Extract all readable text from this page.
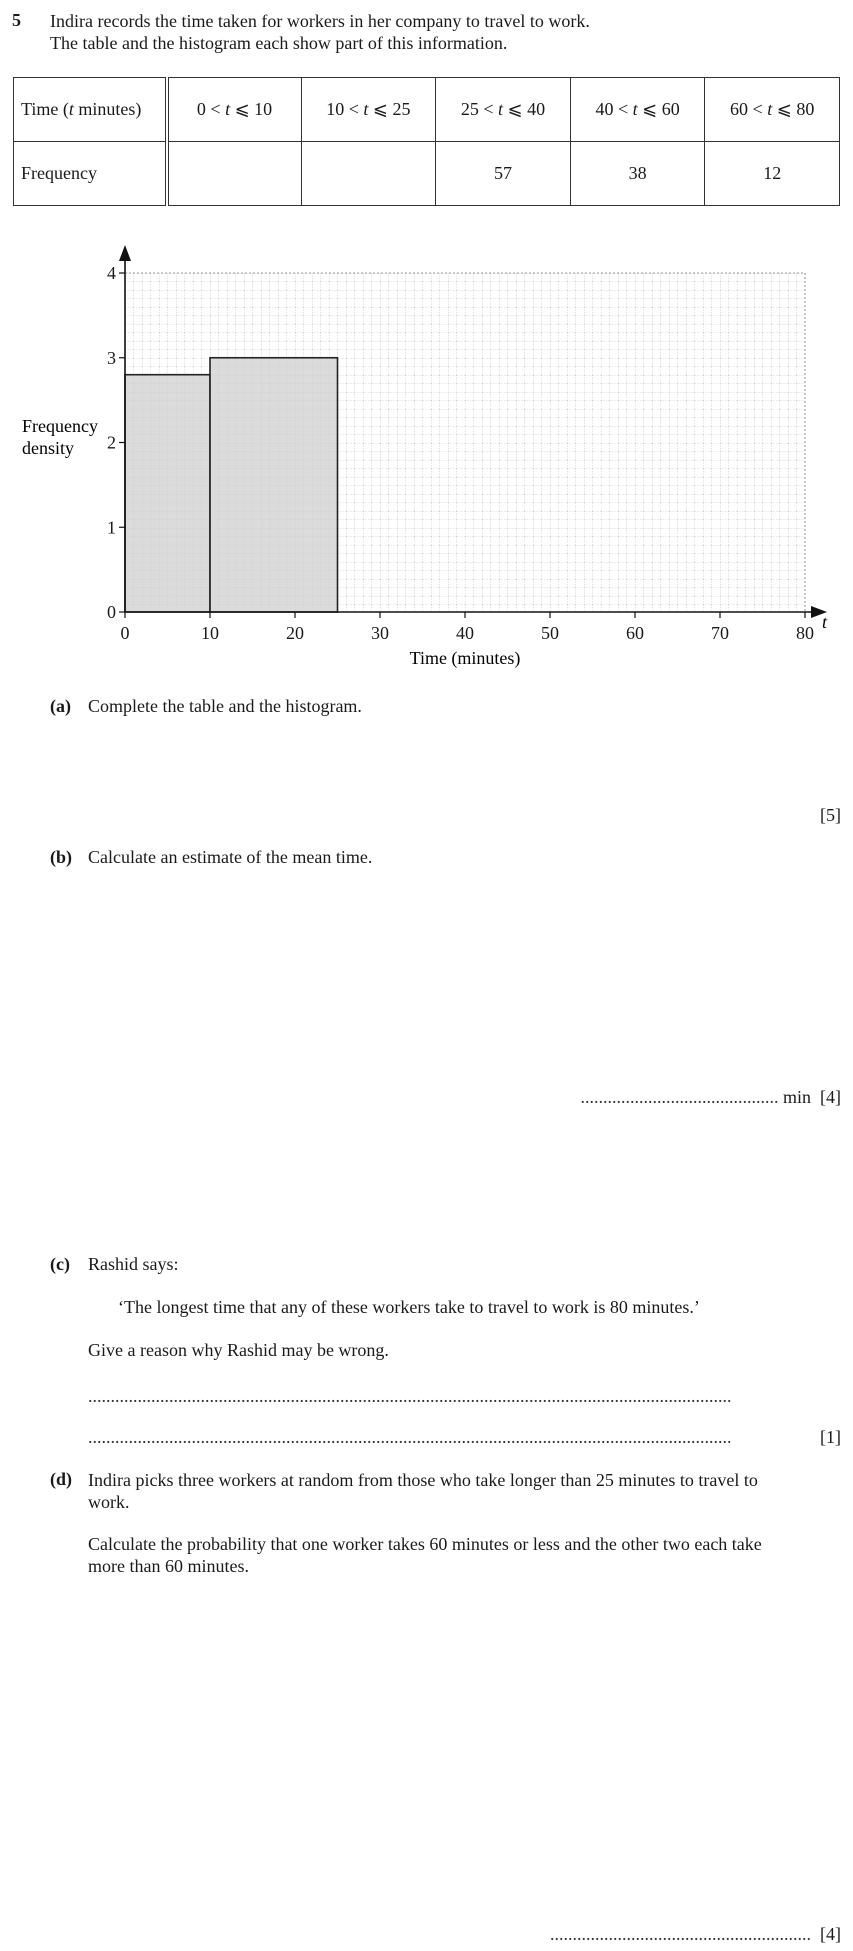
5 Indira records the time taken for workers in her company to travel to work.
The table and the histogram each show part of this information.
Time (t minutes)	0 < t ⩽ 10	10 < t ⩽ 25	25 < t ⩽ 40	40 < t ⩽ 60	60 < t ⩽ 80
Frequency			57	38	12
0	10	20	30	40	50	60	70	80
0
1
2
3
4
t
Time (minutes)
Frequency
density
(a) Complete the table and the histogram.
[5]
(b) Calculate an estimate of the mean time.
............................................ min [4]
(c) Rashid says:
‘The longest time that any of these workers take to travel to work is 80 minutes.’
Give a reason why Rashid may be wrong.
...............................................................................................................................................
...............................................................................................................................................	[1]
(d) Indira picks three workers at random from those who take longer than 25 minutes to travel to
work.
Calculate the probability that one worker takes 60 minutes or less and the other two each take
more than 60 minutes.
.......................................................... [4]
